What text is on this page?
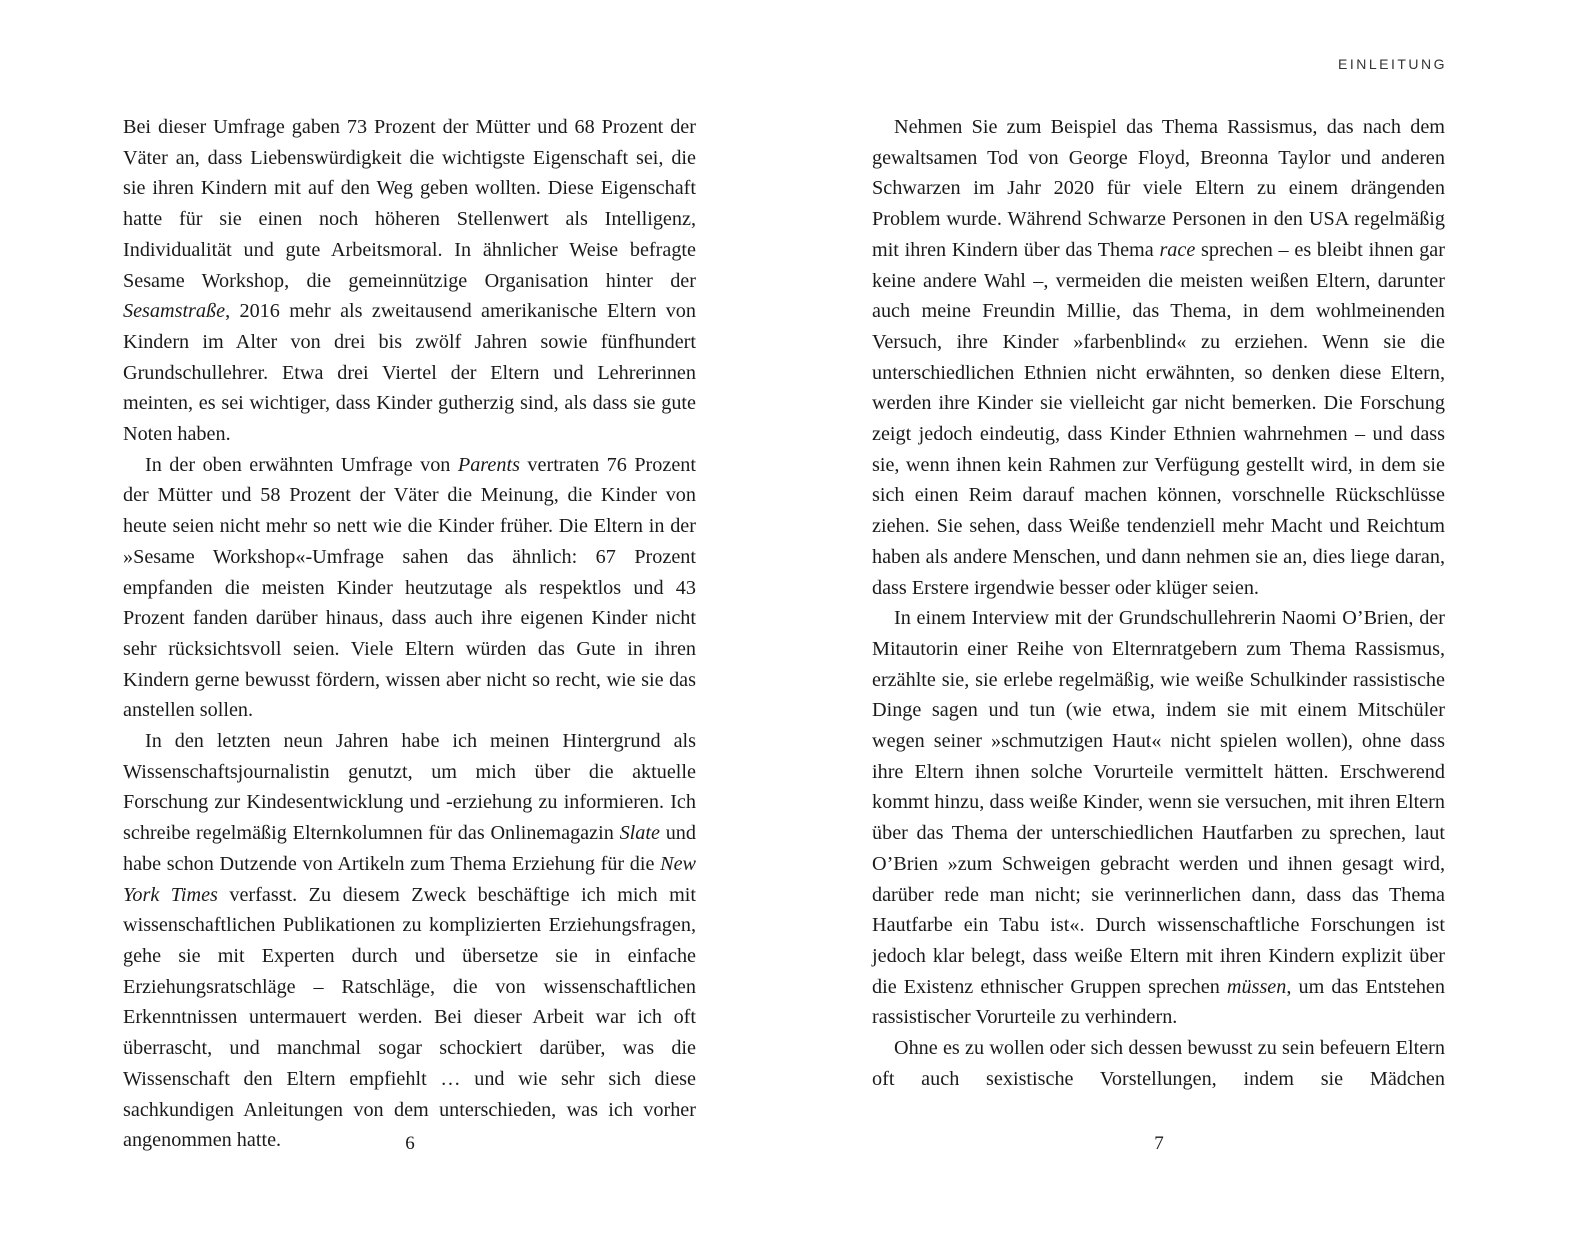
Bei dieser Umfrage gaben 73 Prozent der Mütter und 68 Prozent der Väter an, dass Liebenswürdigkeit die wichtigste Eigenschaft sei, die sie ihren Kindern mit auf den Weg geben wollten. Diese Eigenschaft hatte für sie einen noch höheren Stellenwert als Intelligenz, Individualität und gute Arbeitsmoral. In ähnlicher Weise befragte Sesame Workshop, die gemeinnützige Organisation hinter der Sesamstraße, 2016 mehr als zweitausend amerikanische Eltern von Kindern im Alter von drei bis zwölf Jahren sowie fünfhundert Grundschullehrer. Etwa drei Viertel der Eltern und Lehrerinnen meinten, es sei wichtiger, dass Kinder gutherzig sind, als dass sie gute Noten haben.

In der oben erwähnten Umfrage von Parents vertraten 76 Prozent der Mütter und 58 Prozent der Väter die Meinung, die Kinder von heute seien nicht mehr so nett wie die Kinder früher. Die Eltern in der »Sesame Workshop«-Umfrage sahen das ähnlich: 67 Prozent empfanden die meisten Kinder heutzutage als respektlos und 43 Prozent fanden darüber hinaus, dass auch ihre eigenen Kinder nicht sehr rücksichtsvoll seien. Viele Eltern würden das Gute in ihren Kindern gerne bewusst fördern, wissen aber nicht so recht, wie sie das anstellen sollen.

In den letzten neun Jahren habe ich meinen Hintergrund als Wissenschaftsjournalistin genutzt, um mich über die aktuelle Forschung zur Kindesentwicklung und -erziehung zu informieren. Ich schreibe regelmäßig Elternkolumnen für das Onlinemagazin Slate und habe schon Dutzende von Artikeln zum Thema Erziehung für die New York Times verfasst. Zu diesem Zweck beschäftige ich mich mit wissenschaftlichen Publikationen zu komplizierten Erziehungsfragen, gehe sie mit Experten durch und übersetze sie in einfache Erziehungsratschläge – Ratschläge, die von wissenschaftlichen Erkenntnissen untermauert werden. Bei dieser Arbeit war ich oft überrascht, und manchmal sogar schockiert darüber, was die Wissenschaft den Eltern empfiehlt … und wie sehr sich diese sachkundigen Anleitungen von dem unterschieden, was ich vorher angenommen hatte.	6
EINLEITUNG

Nehmen Sie zum Beispiel das Thema Rassismus, das nach dem gewaltsamen Tod von George Floyd, Breonna Taylor und anderen Schwarzen im Jahr 2020 für viele Eltern zu einem drängenden Problem wurde. Während Schwarze Personen in den USA regelmäßig mit ihren Kindern über das Thema race sprechen – es bleibt ihnen gar keine andere Wahl –, vermeiden die meisten weißen Eltern, darunter auch meine Freundin Millie, das Thema, in dem wohlmeinenden Versuch, ihre Kinder »farbenblind« zu erziehen. Wenn sie die unterschiedlichen Ethnien nicht erwähnten, so denken diese Eltern, werden ihre Kinder sie vielleicht gar nicht bemerken. Die Forschung zeigt jedoch eindeutig, dass Kinder Ethnien wahrnehmen – und dass sie, wenn ihnen kein Rahmen zur Verfügung gestellt wird, in dem sie sich einen Reim darauf machen können, vorschnelle Rückschlüsse ziehen. Sie sehen, dass Weiße tendenziell mehr Macht und Reichtum haben als andere Menschen, und dann nehmen sie an, dies liege daran, dass Erstere irgendwie besser oder klüger seien.

In einem Interview mit der Grundschullehrerin Naomi O’Brien, der Mitautorin einer Reihe von Elternratgebern zum Thema Rassismus, erzählte sie, sie erlebe regelmäßig, wie weiße Schulkinder rassistische Dinge sagen und tun (wie etwa, indem sie mit einem Mitschüler wegen seiner »schmutzigen Haut« nicht spielen wollen), ohne dass ihre Eltern ihnen solche Vorurteile vermittelt hätten. Erschwerend kommt hinzu, dass weiße Kinder, wenn sie versuchen, mit ihren Eltern über das Thema der unterschiedlichen Hautfarben zu sprechen, laut O’Brien »zum Schweigen gebracht werden und ihnen gesagt wird, darüber rede man nicht; sie verinnerlichen dann, dass das Thema Hautfarbe ein Tabu ist«. Durch wissenschaftliche Forschungen ist jedoch klar belegt, dass weiße Eltern mit ihren Kindern explizit über die Existenz ethnischer Gruppen sprechen müssen, um das Entstehen rassistischer Vorurteile zu verhindern.

Ohne es zu wollen oder sich dessen bewusst zu sein befeuern Eltern oft auch sexistische Vorstellungen, indem sie Mädchen

7
